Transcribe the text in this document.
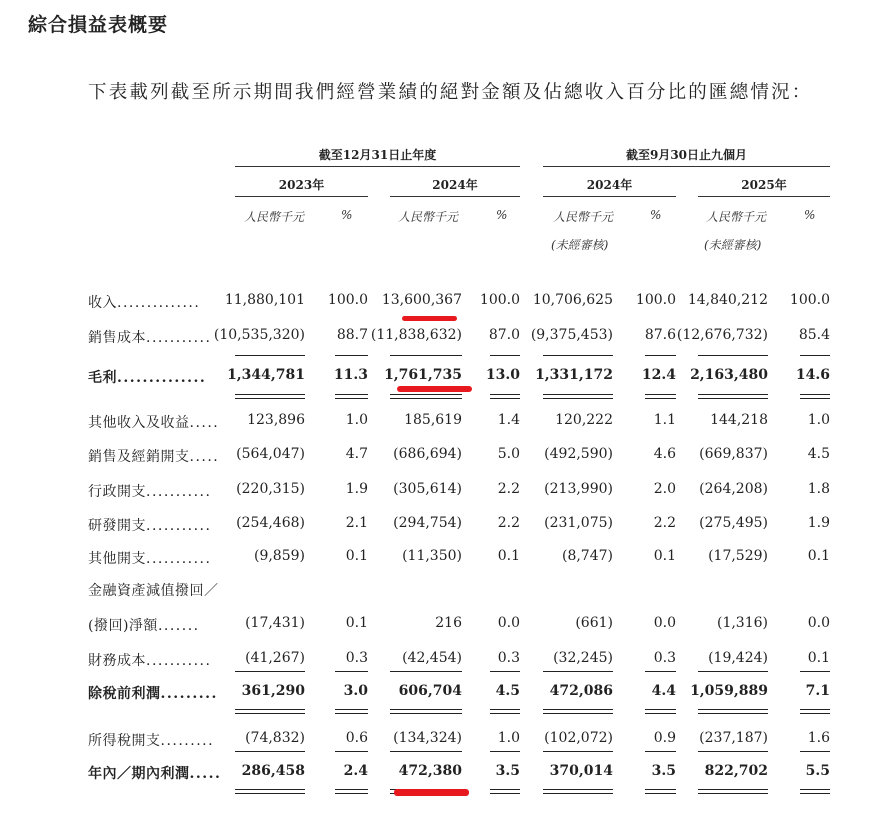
綜合損益表概要
下表載列截至所示期間我們經營業績的絕對金額及佔總收入百分比的匯總情況：
截至12月31日止年度	截至9月30日止九個月
2023年	2024年	2024年	2025年
人民幣千元	%	人民幣千元	%	人民幣千元	%	人民幣千元	%
(未經審核)	(未經審核)
收入.............. 11,880,101 100.0 13,600,367 100.0 10,706,625 100.0 14,840,212 100.0
銷售成本........... (10,535,320) 88.7 (11,838,632) 87.0 (9,375,453) 87.6 (12,676,732) 85.4
毛利.............. 1,344,781 11.3 1,761,735 13.0 1,331,172 12.4 2,163,480 14.6
其他收入及收益..... 123,896	1.0	185,619	1.4	120,222	1.1 144,218	1.0
銷售及經銷開支..... (564,047)	4.7 (686,694)	5.0 (492,590)	4.6 (669,837)	4.5
行政開支........... (220,315)	1.9 (305,614)	2.2 (213,990)	2.0 (264,208)	1.8
研發開支........... (254,468)	2.1 (294,754)	2.2 (231,075)	2.2 (275,495)	1.9
其他開支...........	(9,859)	0.1 (11,350)	0.1	(8,747)	0.1 (17,529)	0.1
金融資產減值撥回／
(撥回)淨額.......	(17,431)	0.1	216	0.0	(661)	0.0	(1,316)	0.0
財務成本........... (41,267)	0.3 (42,454)	0.3 (32,245)	0.3 (19,424)	0.1
除稅前利潤......... 361,290	3.0 606,704 4.5 472,086	4.4 1,059,889	7.1
所得稅開支......... (74,832)	0.6 (134,324)	1.0 (102,072)	0.9 (237,187)	1.6
年內／期內利潤..... 286,458	2.4 472,380 3.5 370,014	3.5 822,702	5.5
